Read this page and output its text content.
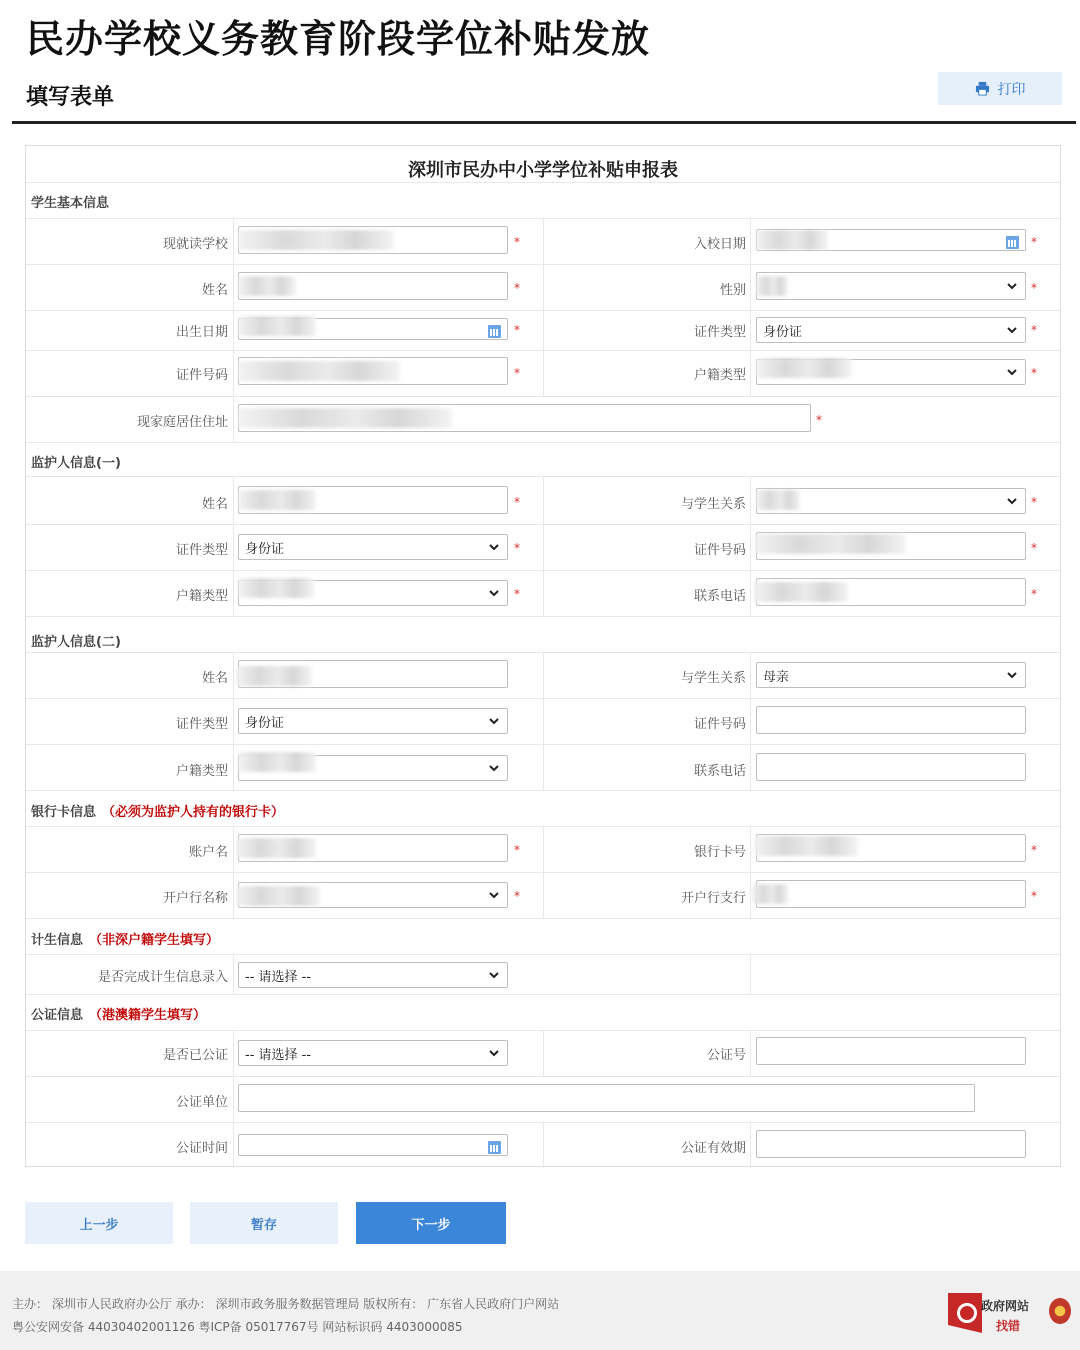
民办学校义务教育阶段学位补贴发放
填写表单	打印
深圳市民办中小学学位补贴申报表
学生基本信息
现就读学校	*	入校日期	*
姓名	*	性别	*
出生日期	*	证件类型 身份证	*
证件号码	*	户籍类型	*
现家庭居住住址	*
监护人信息(一)
姓名	*	与学生关系	*
证件类型 身份证	*	证件号码	*
户籍类型	*	联系电话	*
监护人信息(二)
姓名	与学生关系 母亲
证件类型 身份证	证件号码
户籍类型	联系电话
银行卡信息 （必须为监护人持有的银行卡）
账户名	*	银行卡号	*
开户行名称	*	开户行支行	*
计生信息 （非深户籍学生填写）
是否完成计生信息录入 -- 请选择 --
公证信息 （港澳籍学生填写）
是否已公证 -- 请选择 --	公证号
公证单位
公证时间	公证有效期
上一步	暂存	下一步
主办： 深圳市人民政府办公厅 承办： 深圳市政务服务数据管理局 版权所有： 广东省人民政府门户网站
粤公安网安备 44030402001126 粤ICP备 05017767号 网站标识码 4403000085
政府网站
找错
